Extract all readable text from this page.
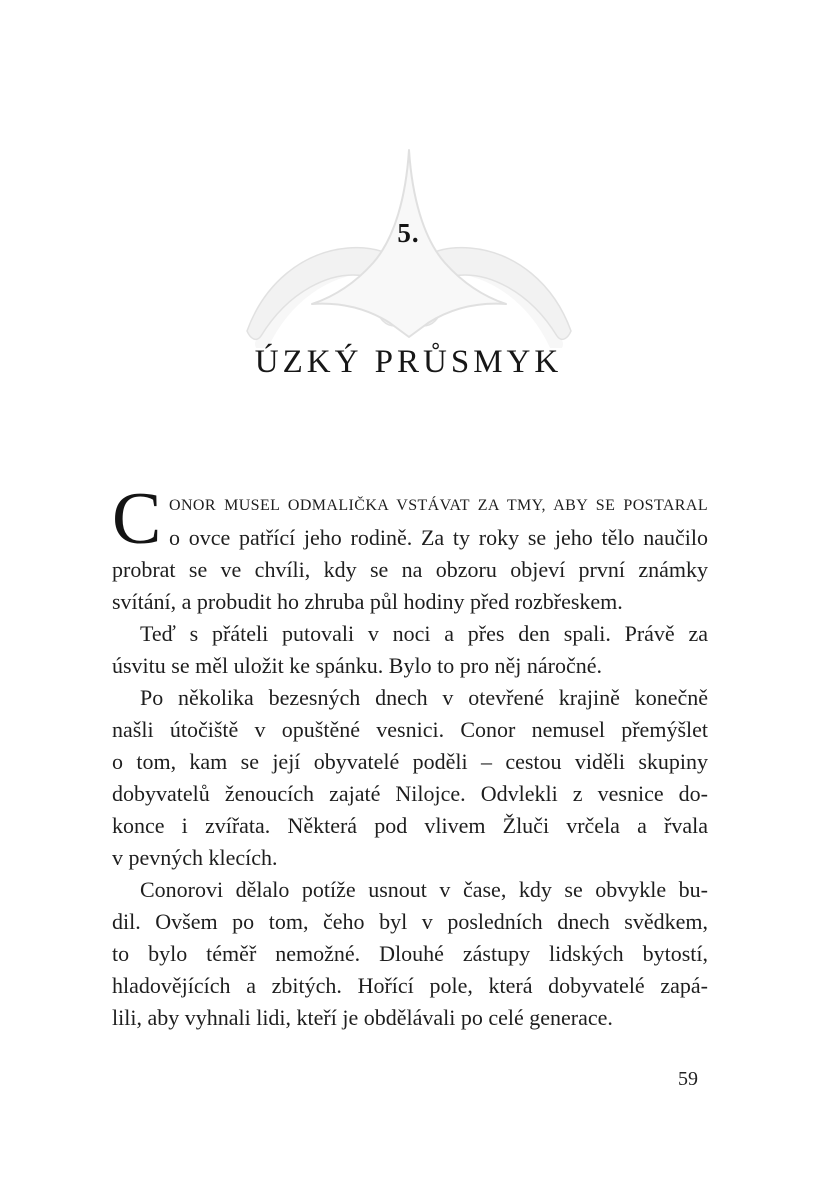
5.
ÚZKÝ PRŮSMYK
C ONOR MUSEL ODMALIČKA VSTÁVAT ZA TMY, ABY SE POSTARAL
o ovce patřící jeho rodině. Za ty roky se jeho tělo naučilo
probrat se ve chvíli, kdy se na obzoru objeví první známky
svítání, a probudit ho zhruba půl hodiny před rozbřeskem.
Teď s přáteli putovali v noci a přes den spali. Právě za
úsvitu se měl uložit ke spánku. Bylo to pro něj náročné.
Po několika bezesných dnech v otevřené krajině konečně
našli útočiště v opuštěné vesnici. Conor nemusel přemýšlet
o tom, kam se její obyvatelé poděli – cestou viděli skupiny
dobyvatelů ženoucích zajaté Nilojce. Odvlekli z vesnice do-
konce i zvířata. Některá pod vlivem Žluči vrčela a řvala
v pevných klecích.
Conorovi dělalo potíže usnout v čase, kdy se obvykle bu-
dil. Ovšem po tom, čeho byl v posledních dnech svědkem,
to bylo téměř nemožné. Dlouhé zástupy lidských bytostí,
hladovějících a zbitých. Hořící pole, která dobyvatelé zapá-
lili, aby vyhnali lidi, kteří je obdělávali po celé generace.
59
